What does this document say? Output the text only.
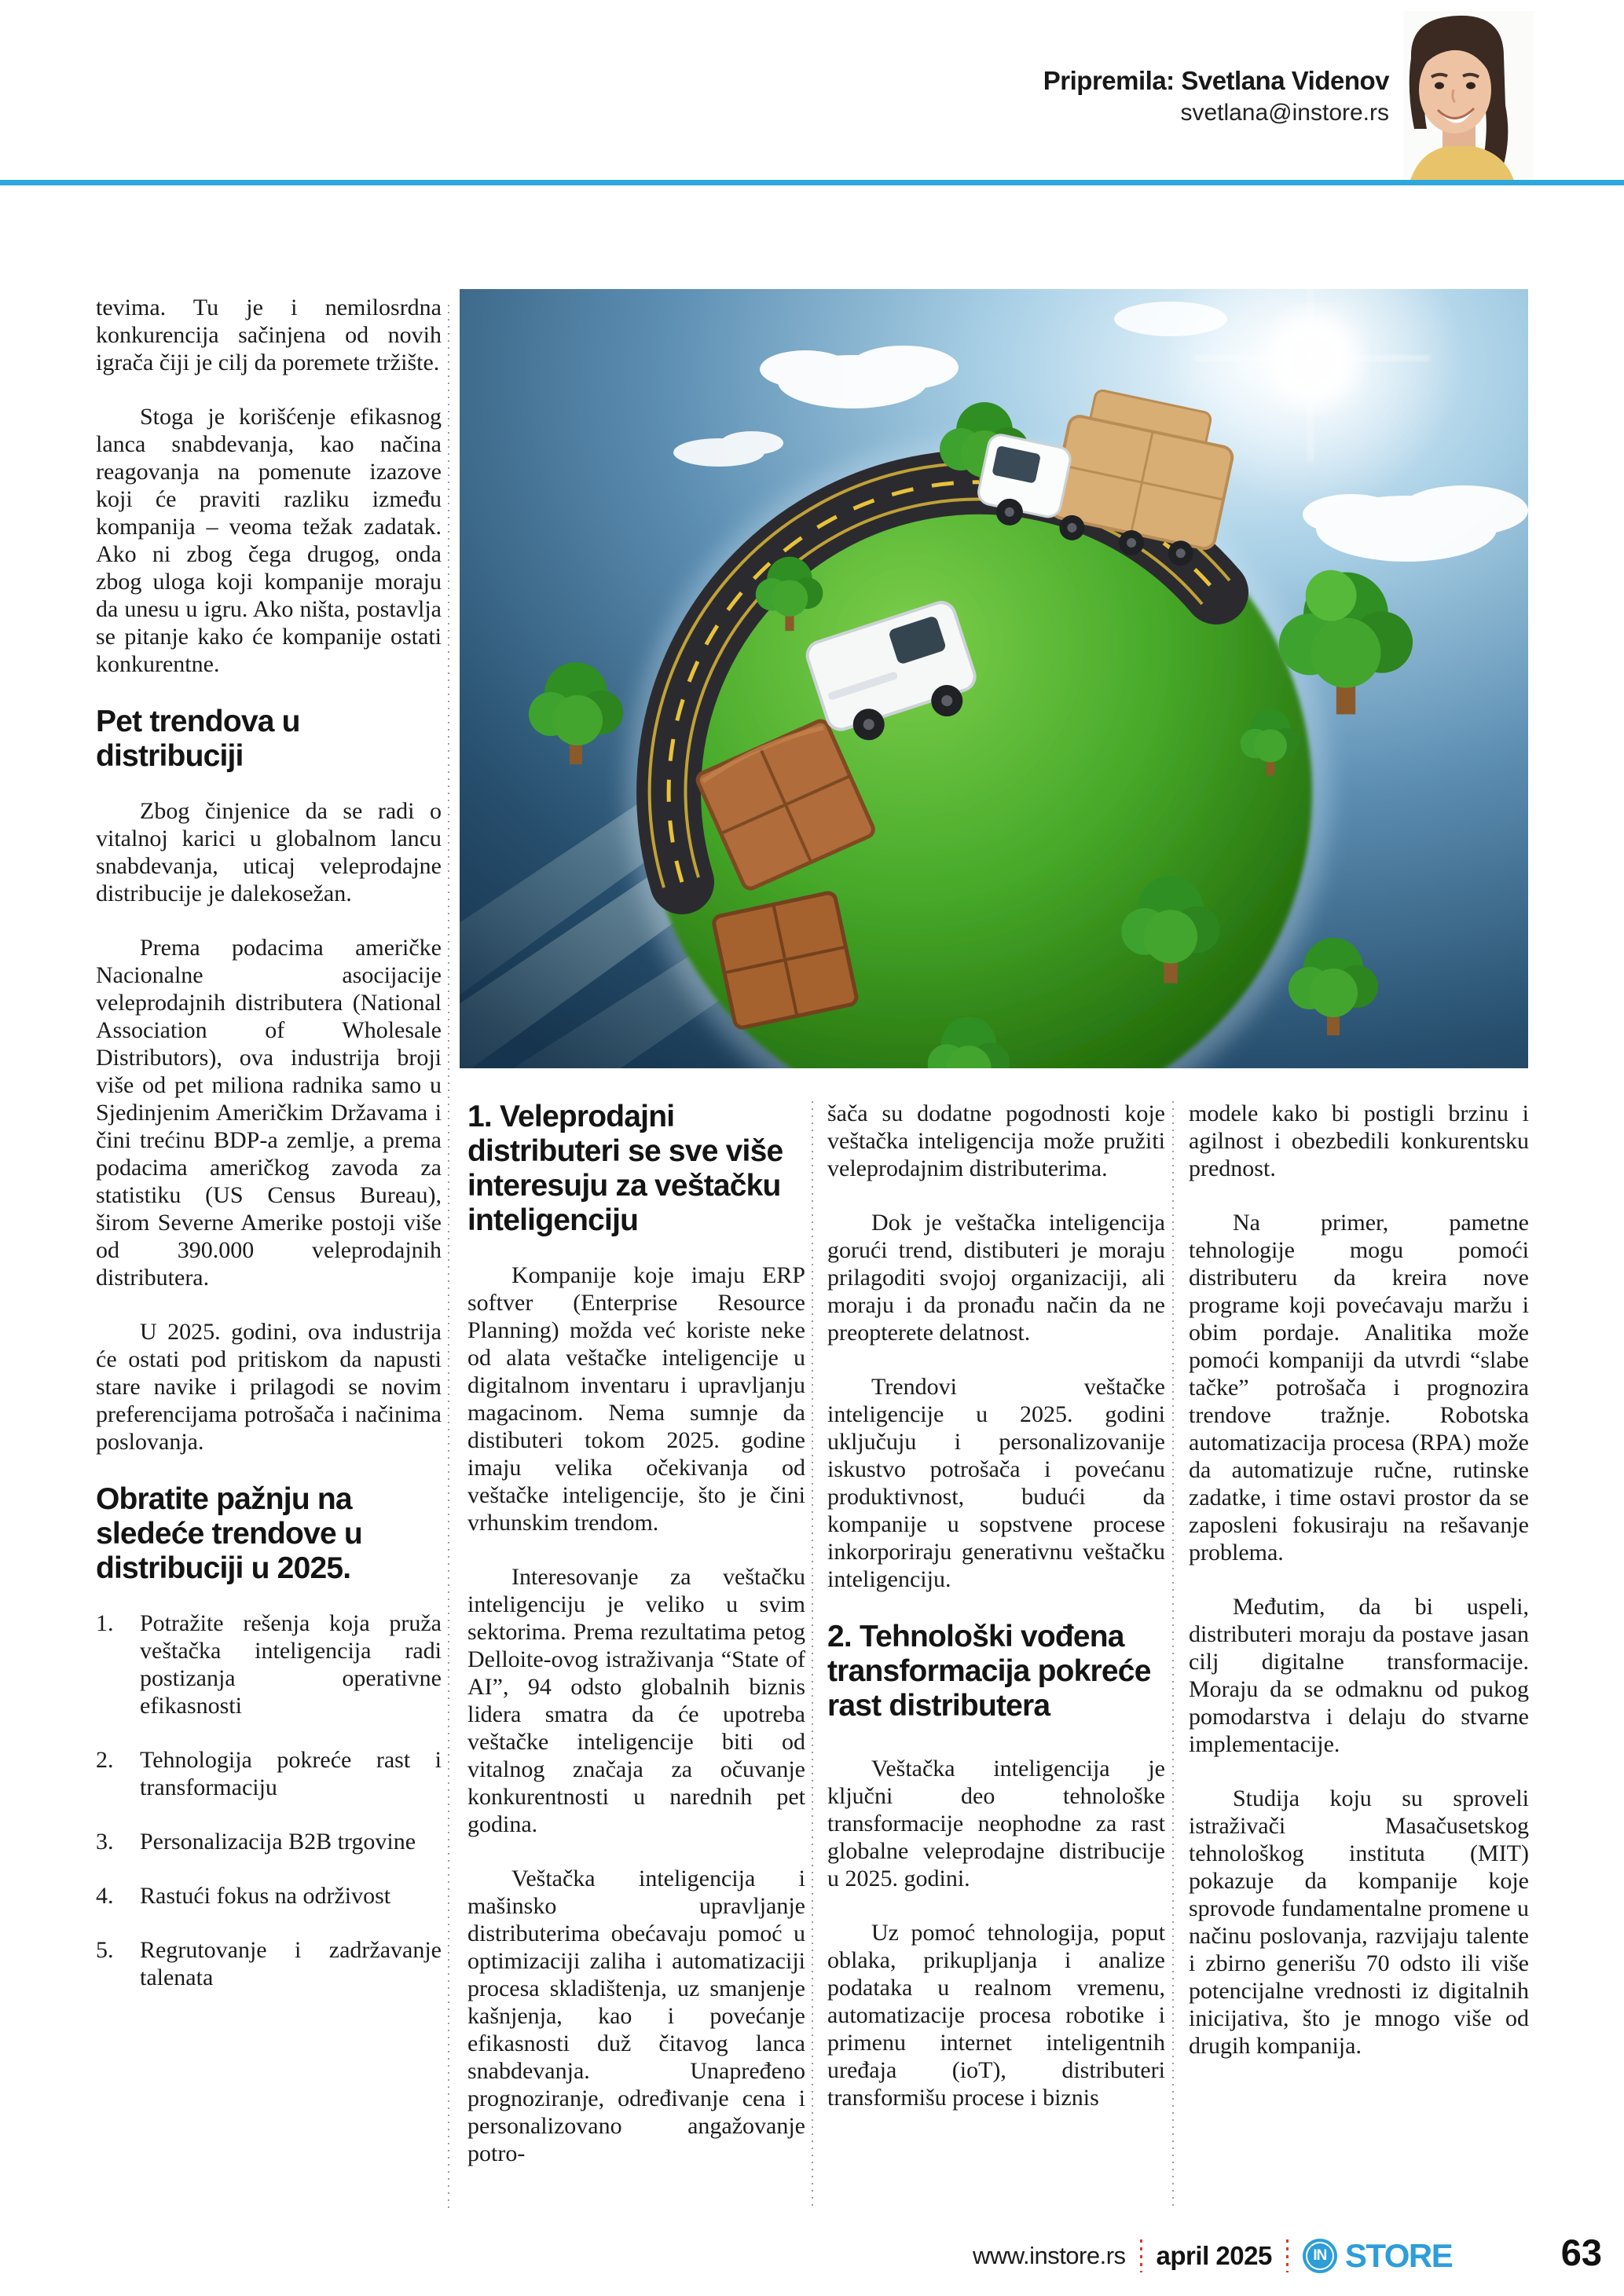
Pripremila: Svetlana Videnov
svetlana@instore.rs

tevima. Tu je i nemilosrdna konkurencija sačinjena od novih igrača čiji je cilj da poremete tržište.

Stoga je korišćenje efikasnog lanca snabdevanja, kao načina reagovanja na pomenute izazove koji će praviti razliku između kompanija – veoma težak zadatak. Ako ni zbog čega drugog, onda zbog uloga koji kompanije moraju da unesu u igru. Ako ništa, postavlja se pitanje kako će kompanije ostati konkurentne.

Pet trendova u distribuciji

Zbog činjenice da se radi o vitalnoj karici u globalnom lancu snabdevanja, uticaj veleprodajne distribucije je dalekosežan.

Prema podacima američke Nacionalne asocijacije veleprodajnih distributera (National Association of Wholesale Distributors), ova industrija broji više od pet miliona radnika samo u Sjedinjenim Američkim Državama i čini trećinu BDP-a zemlje, a prema podacima američkog zavoda za statistiku (US Census Bureau), širom Severne Amerike postoji više od 390.000 veleprodajnih distributera.

U 2025. godini, ova industrija će ostati pod pritiskom da napusti stare navike i prilagodi se novim preferencijama potrošača i načinima poslovanja.

Obratite pažnju na sledeće trendove u distribuciji u 2025.
1. Potražite rešenja koja pruža veštačka inteligencija radi postizanja operativne efikasnosti
2. Tehnologija pokreće rast i transformaciju
3. Personalizacija B2B trgovine
4. Rastući fokus na održivost
5. Regrutovanje i zadržavanje talenata
1. Veleprodajni distributeri se sve više interesuju za veštačku inteligenciju

Kompanije koje imaju ERP softver (Enterprise Resource Planning) možda već koriste neke od alata veštačke inteligencije u digitalnom inventaru i upravljanju magacinom. Nema sumnje da distibuteri tokom 2025. godine imaju velika očekivanja od veštačke inteligencije, što je čini vrhunskim trendom.

Interesovanje za veštačku inteligenciju je veliko u svim sektorima. Prema rezultatima petog Delloite-ovog istraživanja “State of AI”, 94 odsto globalnih biznis lidera smatra da će upotreba veštačke inteligencije biti od vitalnog značaja za očuvanje konkurentnosti u narednih pet godina.

Veštačka inteligencija i mašinsko upravljanje distributerima obećavaju pomoć u optimizaciji zaliha i automatizaciji procesa skladištenja, uz smanjenje kašnjenja, kao i povećanje efikasnosti duž čitavog lanca snabdevanja. Unapređeno prognoziranje, određivanje cena i personalizovano angažovanje potro-

šača su dodatne pogodnosti koje veštačka inteligencija može pružiti veleprodajnim distributerima.

Dok je veštačka inteligencija gorući trend, distibuteri je moraju prilagoditi svojoj organizaciji, ali moraju i da pronađu način da ne preopterete delatnost.

Trendovi veštačke inteligencije u 2025. godini uključuju i personalizovanije iskustvo potrošača i povećanu produktivnost, budući da kompanije u sopstvene procese inkorporiraju generativnu veštačku inteligenciju.

2. Tehnološki vođena transformacija pokreće rast distributera

Veštačka inteligencija je ključni deo tehnološke transformacije neophodne za rast globalne veleprodajne distribucije u 2025. godini.

Uz pomoć tehnologija, poput oblaka, prikupljanja i analize podataka u realnom vremenu, automatizacije procesa robotike i primenu internet inteligentnih uređaja (ioT), distributeri transformišu procese i biznis

modele kako bi postigli brzinu i agilnost i obezbedili konkurentsku prednost.

Na primer, pametne tehnologije mogu pomoći distributeru da kreira nove programe koji povećavaju maržu i obim pordaje. Analitika može pomoći kompaniji da utvrdi “slabe tačke” potrošača i prognozira trendove tražnje. Robotska automatizacija procesa (RPA) može da automatizuje ručne, rutinske zadatke, i time ostavi prostor da se zaposleni fokusiraju na rešavanje problema.

Međutim, da bi uspeli, distributeri moraju da postave jasan cilj digitalne transformacije. Moraju da se odmaknu od pukog pomodarstva i delaju do stvarne implementacije.

Studija koju su sproveli istraživači Masačusetskog tehnološkog instituta (MIT) pokazuje da kompanije koje sprovode fundamentalne promene u načinu poslovanja, razvijaju talente i zbirno generišu 70 odsto ili više potencijalne vrednosti iz digitalnih inicijativa, što je mnogo više od drugih kompanija.

www.instore.rs april 2025	IN STORE	63
